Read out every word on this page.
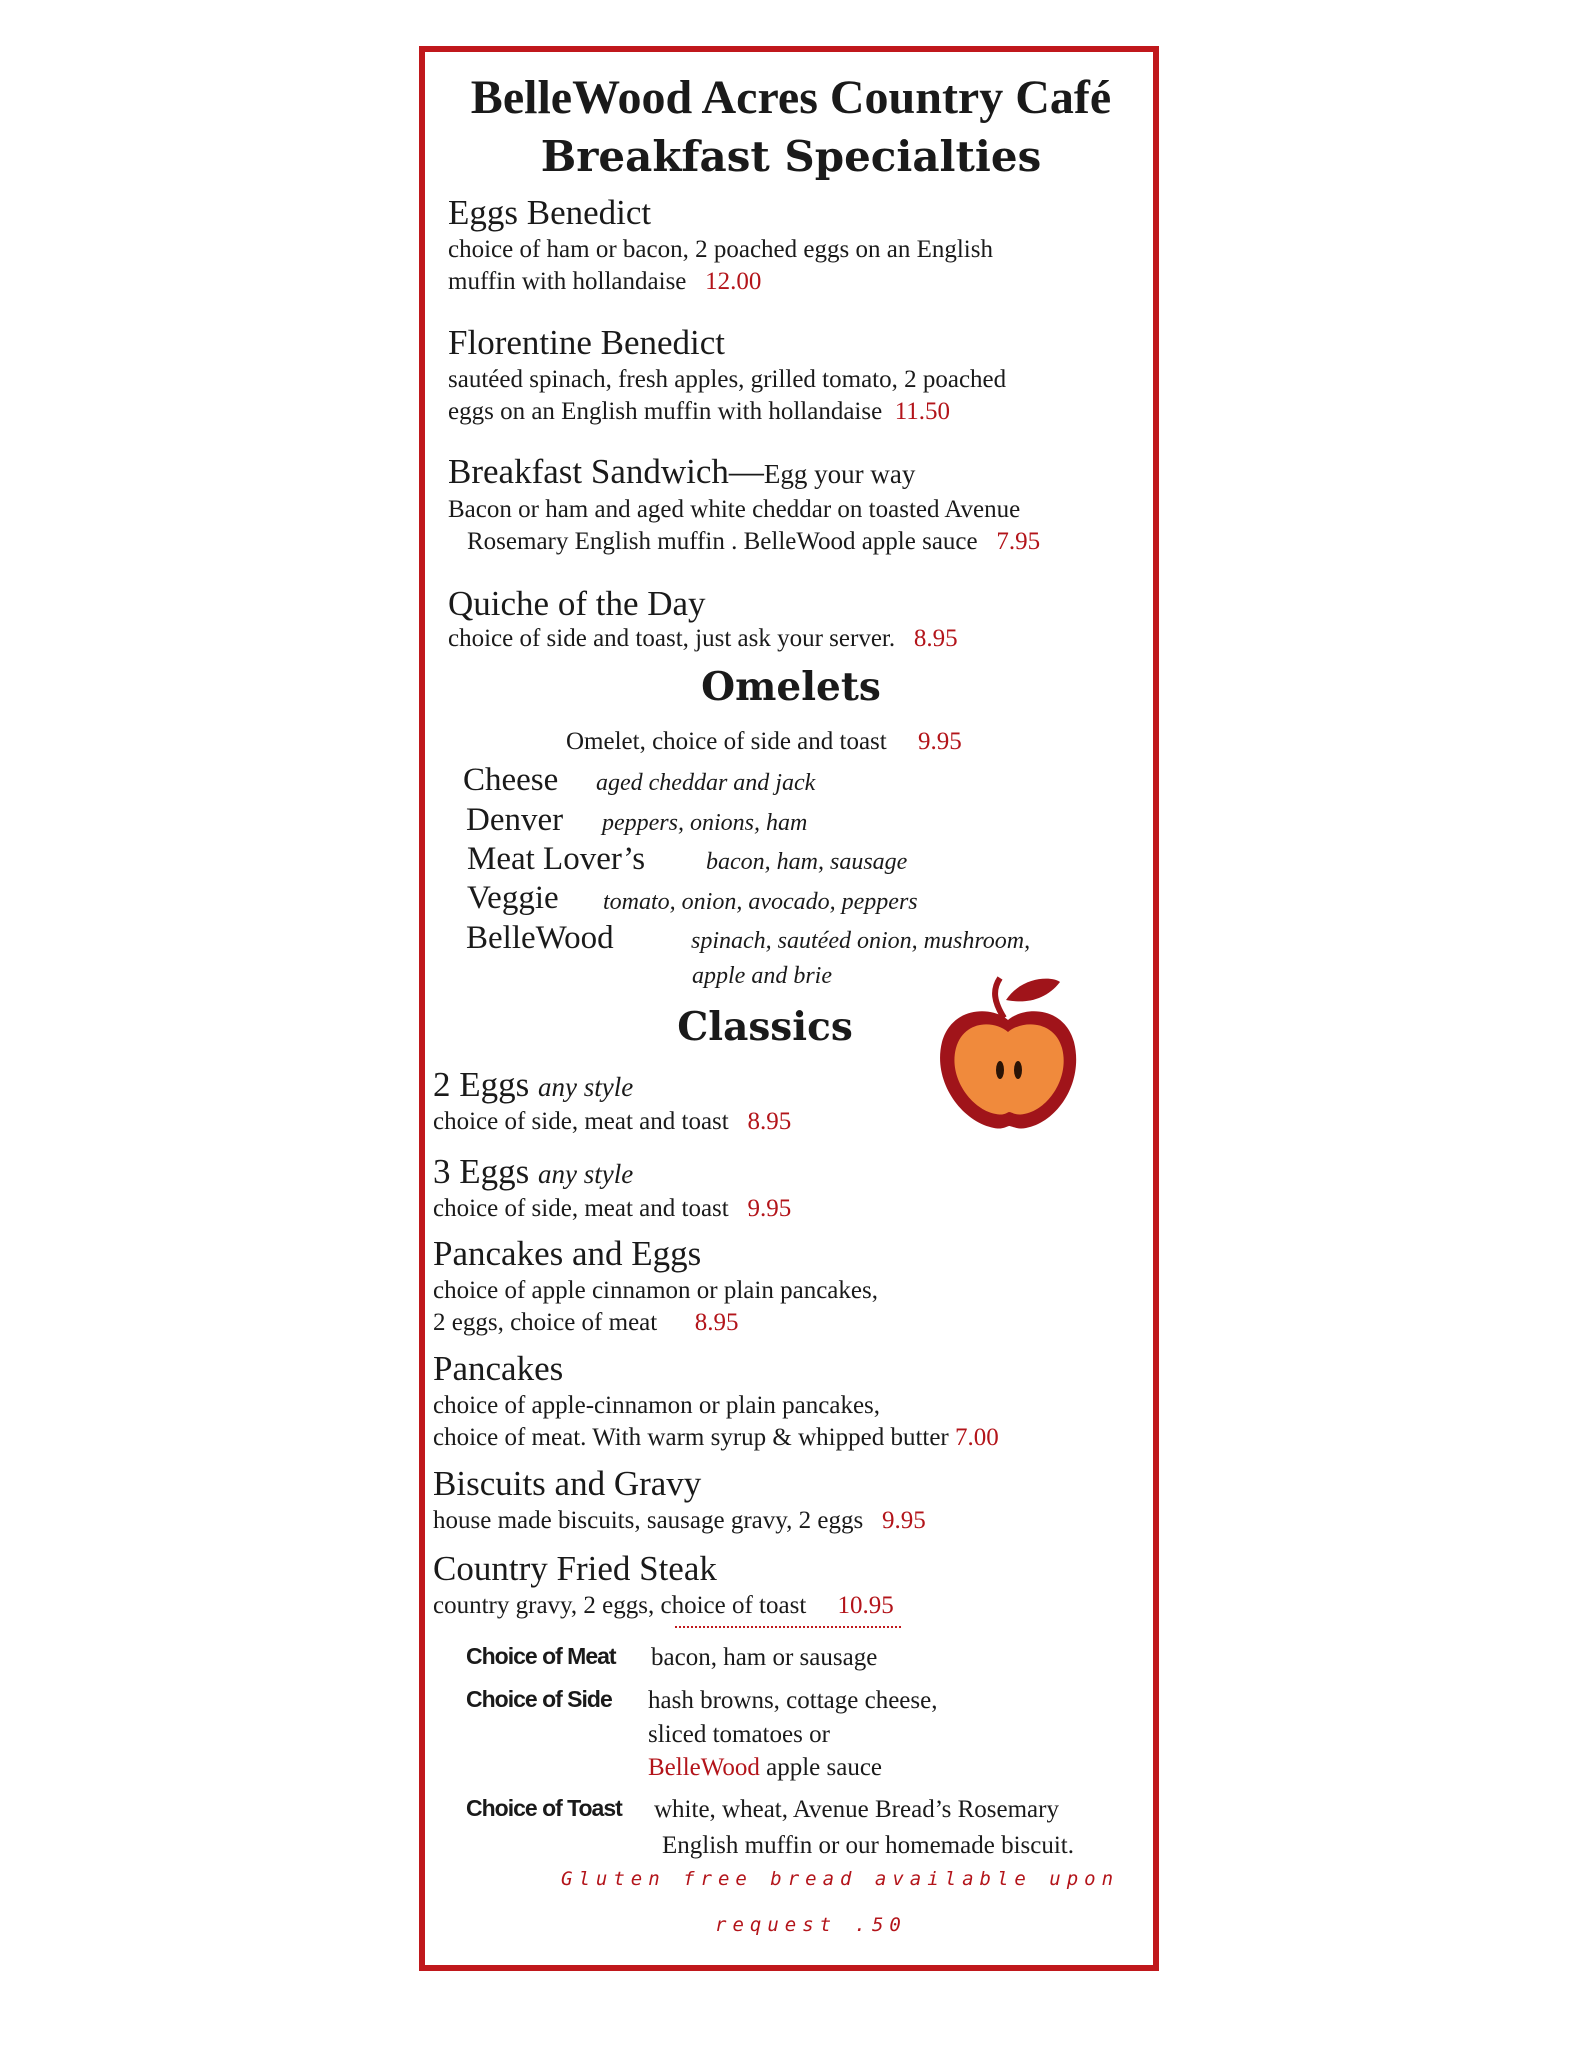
BelleWood Acres Country Café
Breakfast Specialties
Eggs Benedict
choice of ham or bacon, 2 poached eggs on an English
muffin with hollandaise 12.00
Florentine Benedict
sautéed spinach, fresh apples, grilled tomato, 2 poached
eggs on an English muffin with hollandaise 11.50
Breakfast Sandwich—Egg your way
Bacon or ham and aged white cheddar on toasted Avenue
Rosemary English muffin . BelleWood apple sauce 7.95
Quiche of the Day
choice of side and toast, just ask your server. 8.95
Omelets
Omelet, choice of side and toast 9.95
Cheese aged cheddar and jack
Denver peppers, onions, ham
Meat Lover’s	bacon, ham, sausage
Veggie tomato, onion, avocado, peppers
BelleWood	spinach, sautéed onion, mushroom,
apple and brie
Classics
2 Eggs any style
choice of side, meat and toast 8.95
3 Eggs any style
choice of side, meat and toast 9.95
Pancakes and Eggs
choice of apple cinnamon or plain pancakes,
2 eggs, choice of meat 8.95
Pancakes
choice of apple-cinnamon or plain pancakes,
choice of meat. With warm syrup & whipped butter 7.00
Biscuits and Gravy
house made biscuits, sausage gravy, 2 eggs 9.95
Country Fried Steak
country gravy, 2 eggs, choice of toast 10.95
Choice of Meat bacon, ham or sausage
Choice of Side hash browns, cottage cheese,
sliced tomatoes or
BelleWood apple sauce
Choice of Toast white, wheat, Avenue Bread’s Rosemary
English muffin or our homemade biscuit.
Gluten free bread available upon
request .50
